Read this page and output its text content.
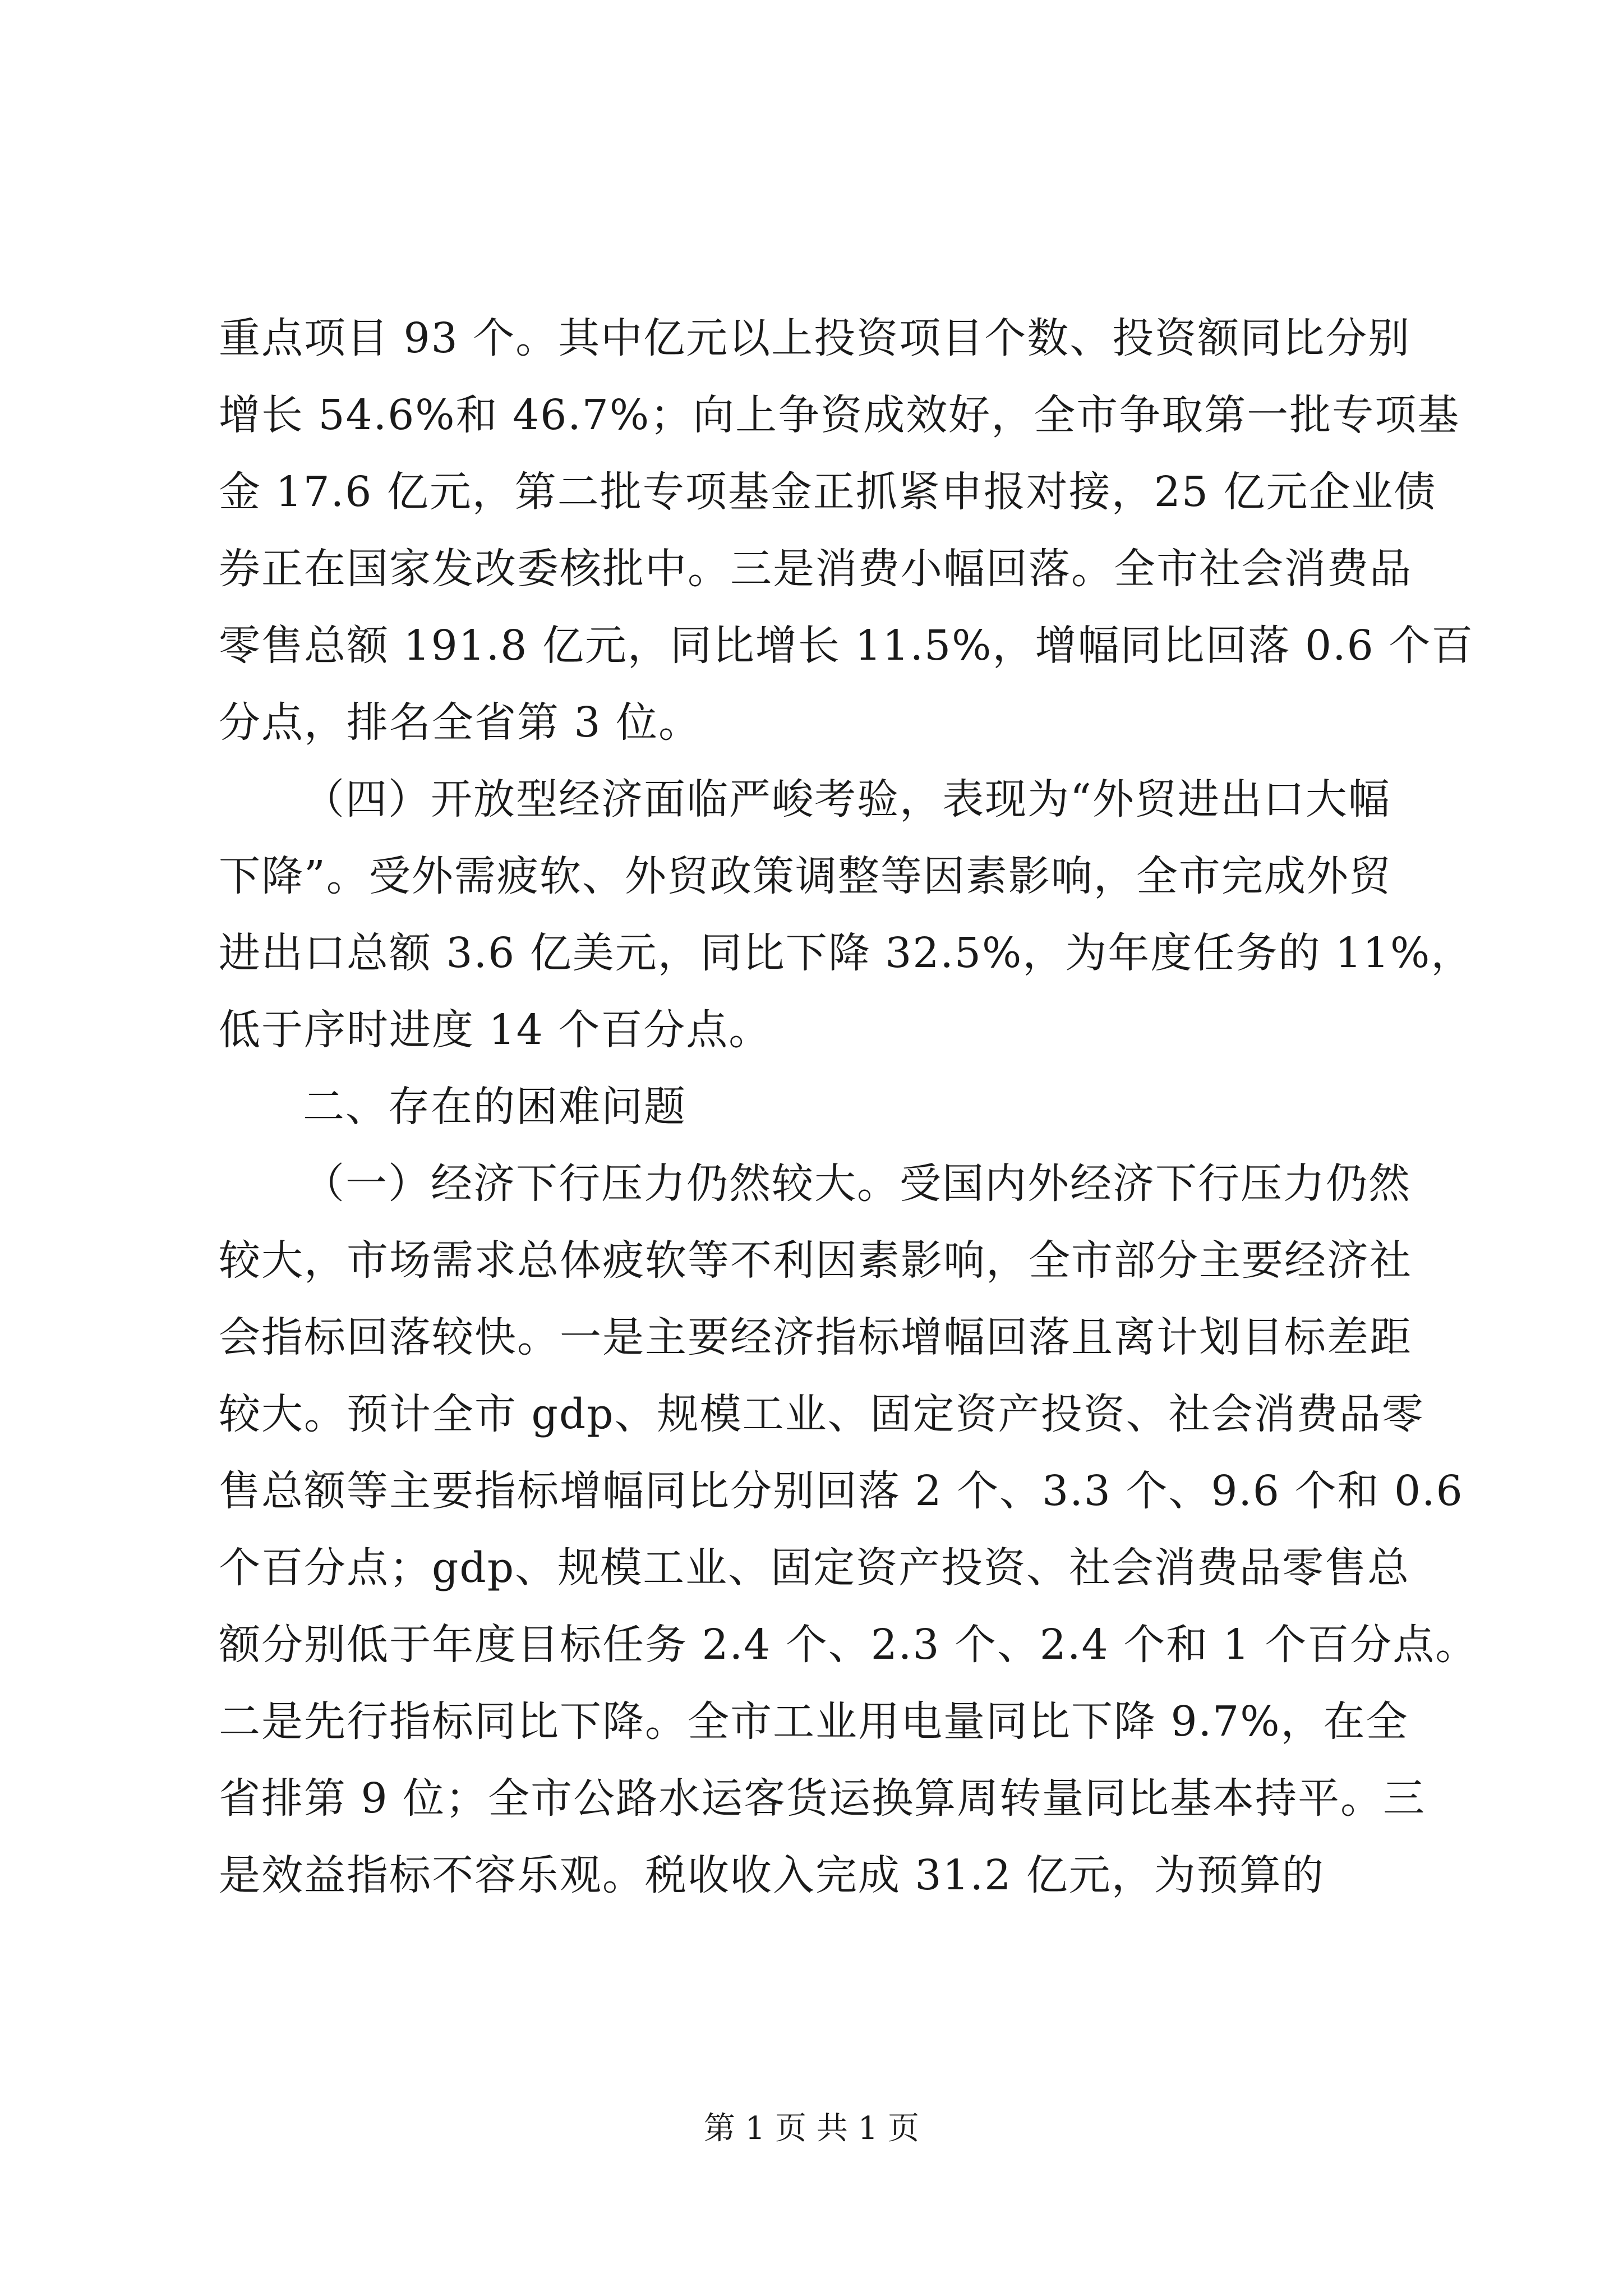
重点项目 93 个。其中亿元以上投资项目个数、投资额同比分别
增长 54.6%和 46.7%；向上争资成效好，全市争取第一批专项基
金 17.6 亿元，第二批专项基金正抓紧申报对接，25 亿元企业债
券正在国家发改委核批中。三是消费小幅回落。全市社会消费品
零售总额 191.8 亿元，同比增长 11.5%，增幅同比回落 0.6 个百
分点，排名全省第 3 位。
（四）开放型经济面临严峻考验，表现为“外贸进出口大幅
下降”。受外需疲软、外贸政策调整等因素影响，全市完成外贸
进出口总额 3.6 亿美元，同比下降 32.5%，为年度任务的 11%，
低于序时进度 14 个百分点。
二、存在的困难问题
（一）经济下行压力仍然较大。受国内外经济下行压力仍然
较大，市场需求总体疲软等不利因素影响，全市部分主要经济社
会指标回落较快。一是主要经济指标增幅回落且离计划目标差距
较大。预计全市 gdp、规模工业、固定资产投资、社会消费品零
售总额等主要指标增幅同比分别回落 2 个、3.3 个、9.6 个和 0.6
个百分点；gdp、规模工业、固定资产投资、社会消费品零售总
额分别低于年度目标任务 2.4 个、2.3 个、2.4 个和 1 个百分点。
二是先行指标同比下降。全市工业用电量同比下降 9.7%，在全
省排第 9 位；全市公路水运客货运换算周转量同比基本持平。三
是效益指标不容乐观。税收收入完成 31.2 亿元，为预算的
第 1 页 共 1 页
